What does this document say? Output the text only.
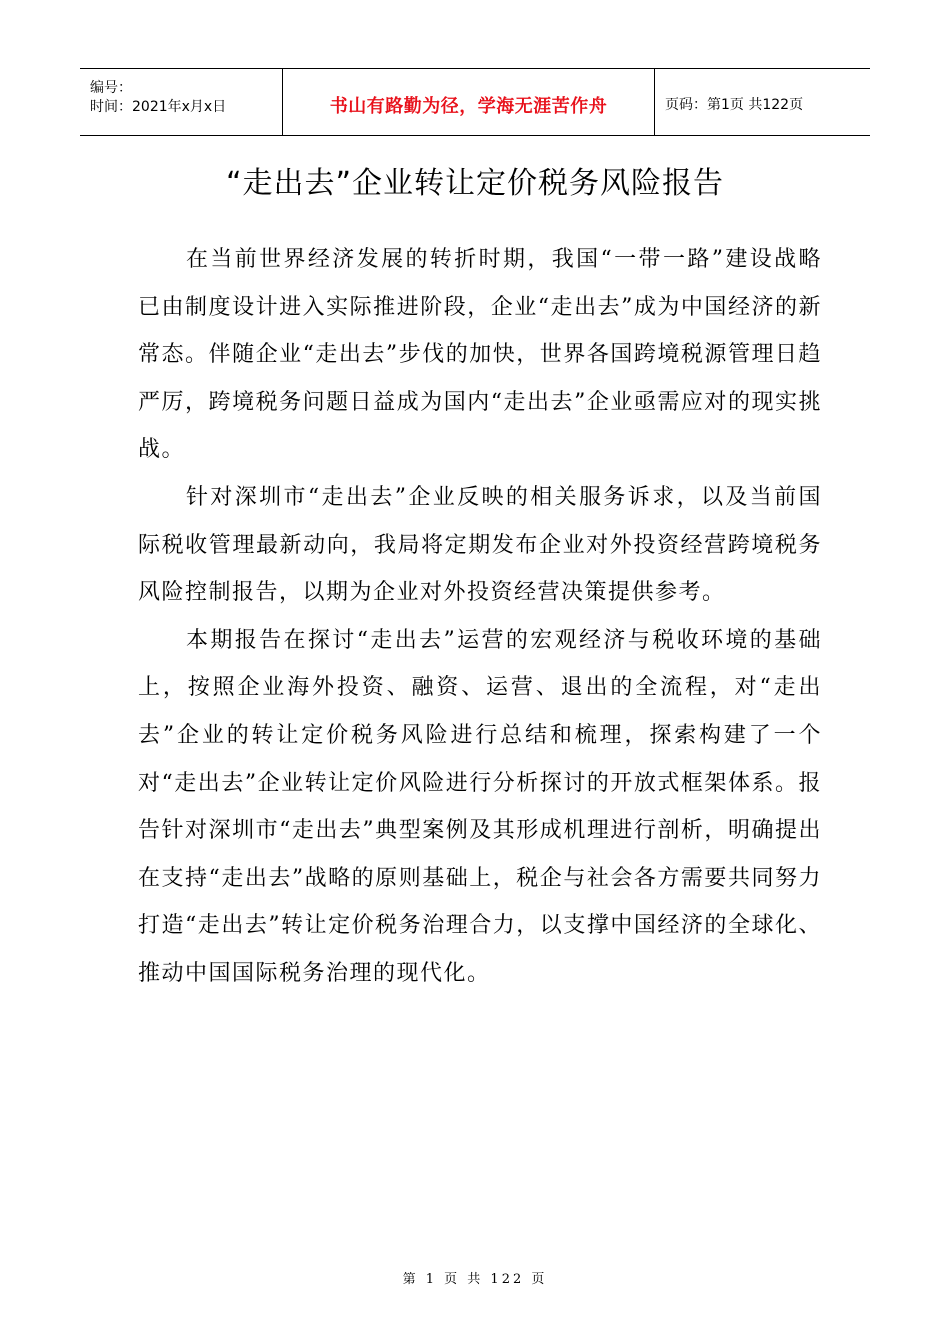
编号：
时间：2021年x月x日	书山有路勤为径，学海无涯苦作舟	页码：第1页 共122页
“走出去”企业转让定价税务风险报告

在当前世界经济发展的转折时期，我国“一带一路”建设战略已由制度设计进入实际推进阶段，企业“走出去”成为中国经济的新常态。伴随企业“走出去”步伐的加快，世界各国跨境税源管理日趋严厉，跨境税务问题日益成为国内“走出去”企业亟需应对的现实挑战。

针对深圳市“走出去”企业反映的相关服务诉求，以及当前国际税收管理最新动向，我局将定期发布企业对外投资经营跨境税务风险控制报告，以期为企业对外投资经营决策提供参考。

本期报告在探讨“走出去”运营的宏观经济与税收环境的基础上，按照企业海外投资、融资、运营、退出的全流程，对“走出去”企业的转让定价税务风险进行总结和梳理，探索构建了一个对“走出去”企业转让定价风险进行分析探讨的开放式框架体系。报告针对深圳市“走出去”典型案例及其形成机理进行剖析，明确提出在支持“走出去”战略的原则基础上，税企与社会各方需要共同努力打造“走出去”转让定价税务治理合力，以支撑中国经济的全球化、推动中国国际税务治理的现代化。

第 1 页 共 122 页
